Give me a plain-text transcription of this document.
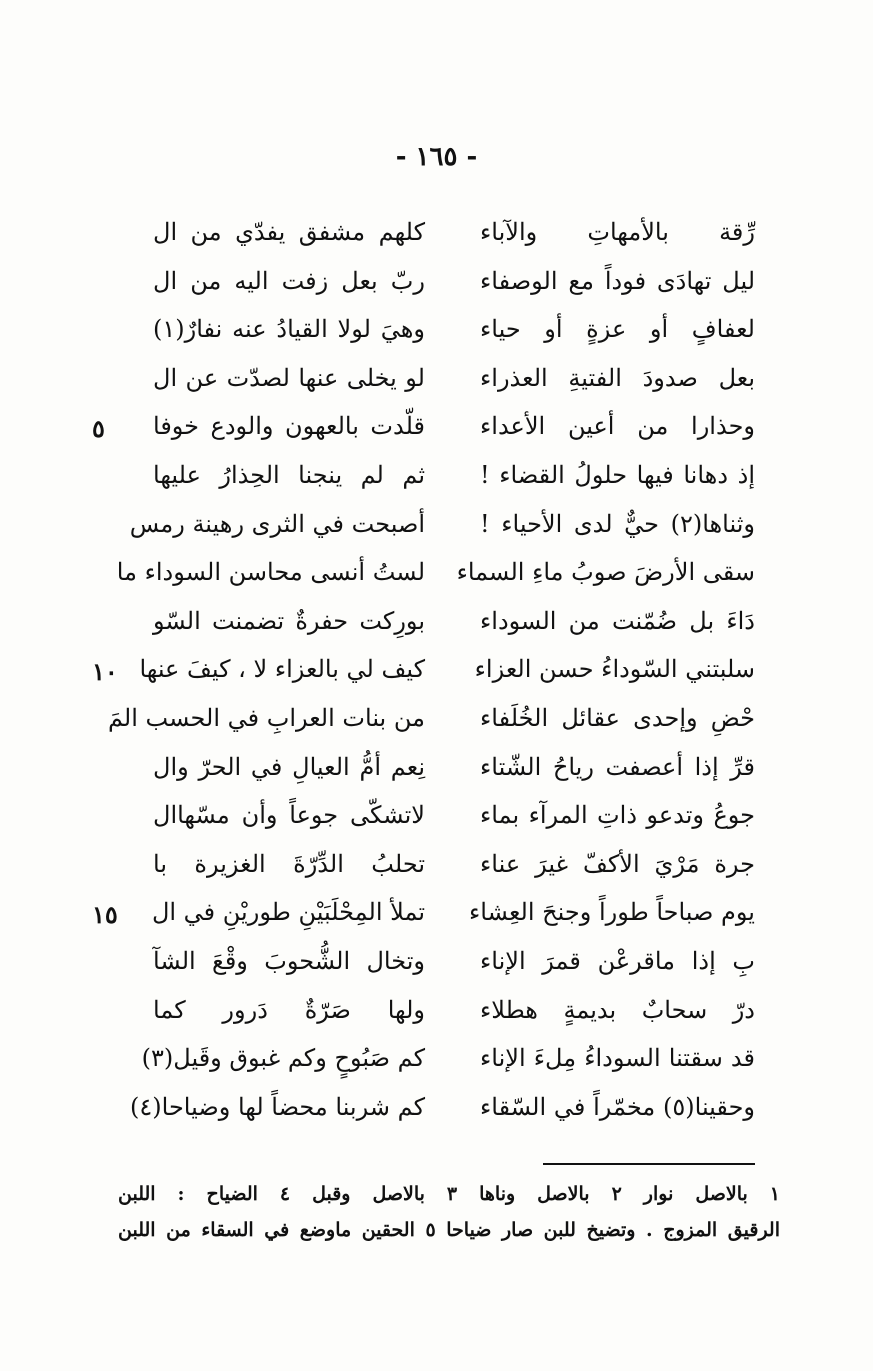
- ١٦٥ -
كلهم مشفق يفدّي من ال رِّقة بالأمهاتِ والآباء
ربّ بعل زفت اليه من ال ليل تهادَى فوداً مع الوصفاء
وهيَ لولا القيادُ عنه نفارٌ(١) لعفافٍ أو عزةٍ أو حياء
لو يخلى عنها لصدّت عن ال بعل صدودَ الفتيةِ العذراء
قلّدت بالعهون والودع خوفا وحذارا من أعين الأعداء
٥
ثم لم ينجنا الحِذارُ عليها إذ دهانا فيها حلولُ القضاء !
أصبحت في الثرى رهينة رمس وثناها(٢) حيٌّ لدى الأحياء !
لستُ أنسى محاسن السوداء ما سقى الأرضَ صوبُ ماءِ السماء
بورِكت حفرةٌ تضمنت السّو دَاءَ بل ضُمّنت من السوداء
كيف لي بالعزاء لا ، كيفَ عنها سلبتني السّوداءُ حسن العزاء
١٠
من بنات العرابِ في الحسب المَ حْضِ وإحدى عقائل الخُلَفاء
نِعم أمُّ العيالِ في الحرّ وال قرِّ إذا أعصفت رياحُ الشّتاء
لاتشكّى جوعاً وأن مسّهاال جوعُ وتدعو ذاتِ المرآء بماء
تحلبُ الدِّرّةَ الغزيرة با جرة مَرْيَ الأكفّ غيرَ عناء
تملأ المِحْلَبَيْنِ طوريْنِ في ال يوم صباحاً طوراً وجنحَ العِشاء
١٥
وتخال الشُّحوبَ وقْعَ الشآ بِ إذا ماقرعْن قمرَ الإناء
ولها صَرّةٌ دَرور كما درّ سحابٌ بديمةٍ هطلاء
كم صَبُوحٍ وكم غبوق وقَيل(٣) قد سقتنا السوداءُ مِلءَ الإناء
كم شربنا محضاً لها وضياحا(٤) وحقينا(٥) مخمّراً في السّقاء
١ بالاصل نوار ٢ بالاصل وناها ٣ بالاصل وقبل ٤ الضياح : اللبن
الرقيق المزوج . وتضيخ للبن صار ضياحا ٥ الحقين ماوضع في السقاء من اللبن
